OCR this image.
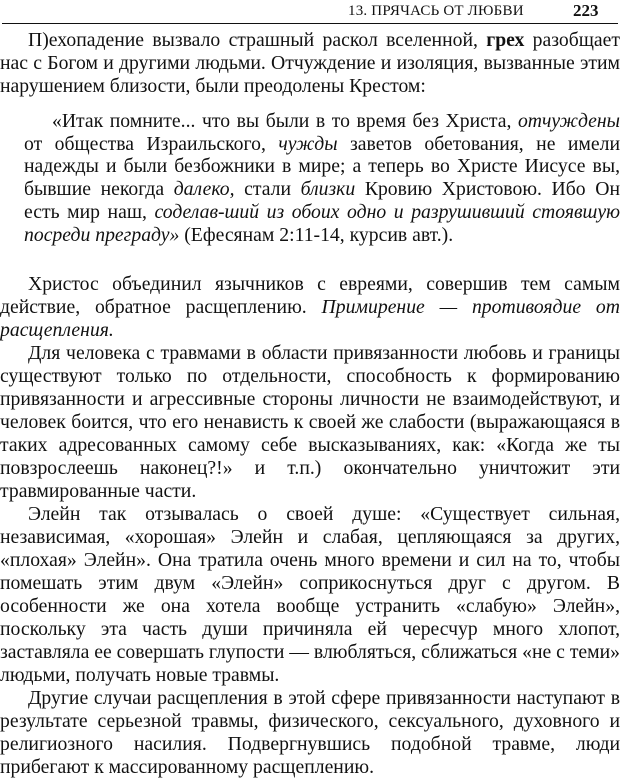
13. ПРЯЧАСЬ ОТ ЛЮБВИ	223

П)ехопадение вызвало страшный раскол вселенной, грех разобщает нас с Богом и другими людьми. Отчуждение и изоляция, вызванные этим нарушением близости, были преодолены Крестом:

«Итак помните... что вы были в то время без Христа, отчуждены от общества Израильского, чужды заветов обетования, не имели надежды и были безбожники в мире; а теперь во Христе Иисусе вы, бывшие некогда далеко, стали близки Кровию Христовою. Ибо Он есть мир наш, соделав-ший из обоих одно и разрушивший стоявшую посреди преграду» (Ефесянам 2:11-14, курсив авт.).

Христос объединил язычников с евреями, совершив тем самым действие, обратное расщеплению. Примирение — противоядие от расщепления.

Для человека с травмами в области привязанности любовь и границы существуют только по отдельности, способность к формированию привязанности и агрессивные стороны личности не взаимодействуют, и человек боится, что его ненависть к своей же слабости (выражающаяся в таких адресованных самому себе высказываниях, как: «Когда же ты повзрослеешь наконец?!» и т.п.) окончательно уничтожит эти травмированные части.

Элейн так отзывалась о своей душе: «Существует сильная, независимая, «хорошая» Элейн и слабая, цепляющаяся за других, «плохая» Элейн». Она тратила очень много времени и сил на то, чтобы помешать этим двум «Элейн» соприкоснуться друг с другом. В особенности же она хотела вообще устранить «слабую» Элейн», поскольку эта часть души причиняла ей чересчур много хлопот, заставляла ее совершать глупости — влюбляться, сближаться «не с теми» людьми, получать новые травмы.

Другие случаи расщепления в этой сфере привязанности наступают в результате серьезной травмы, физического, сексуального, духовного и религиозного насилия. Подвергнувшись подобной травме, люди прибегают к массированному расщеплению.
